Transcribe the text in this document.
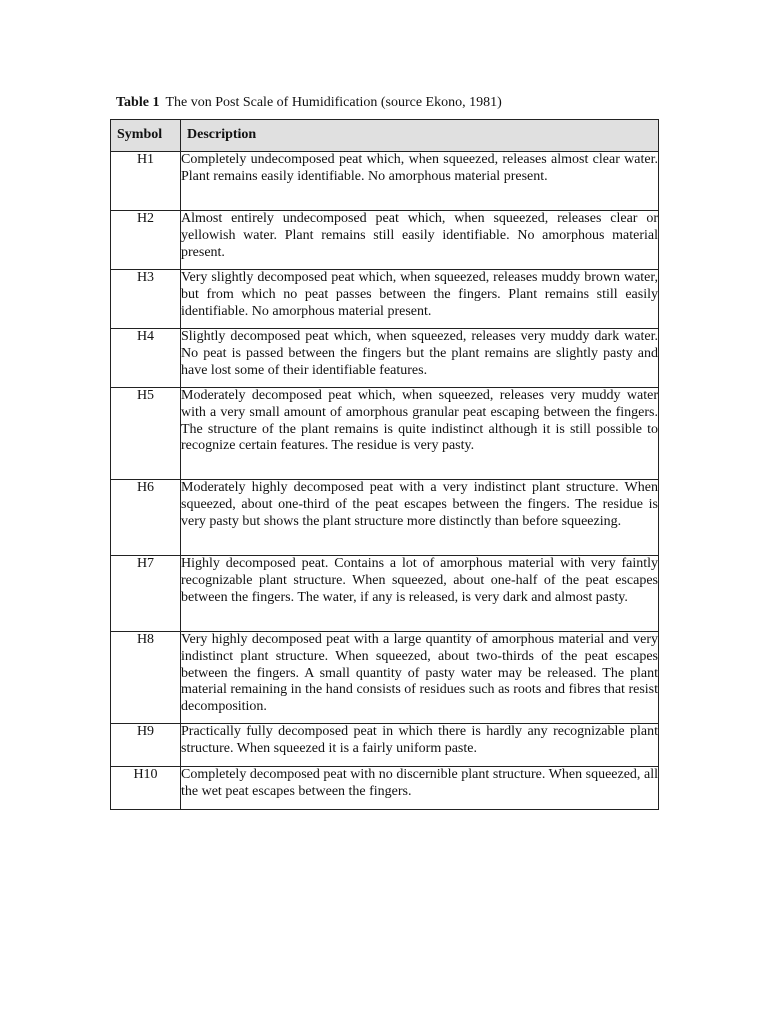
Table 1 The von Post Scale of Humidification (source Ekono, 1981)
Symbol	Description

H1	Completely undecomposed peat which, when squeezed, releases almost clear water. Plant remains easily identifiable. No amorphous material present.
H2	Almost entirely undecomposed peat which, when squeezed, releases clear or yellowish water. Plant remains still easily identifiable. No amorphous material present.
H3	Very slightly decomposed peat which, when squeezed, releases muddy brown water, but from which no peat passes between the fingers. Plant remains still easily identifiable. No amorphous material present.
H4	Slightly decomposed peat which, when squeezed, releases very muddy dark water. No peat is passed between the fingers but the plant remains are slightly pasty and have lost some of their identifiable features.
H5	Moderately decomposed peat which, when squeezed, releases very muddy water with a very small amount of amorphous granular peat escaping between the fingers. The structure of the plant remains is quite indistinct although it is still possible to recognize certain features. The residue is very pasty.
H6	Moderately highly decomposed peat with a very indistinct plant structure. When squeezed, about one-third of the peat escapes between the fingers. The residue is very pasty but shows the plant structure more distinctly than before squeezing.
H7	Highly decomposed peat. Contains a lot of amorphous material with very faintly recognizable plant structure. When squeezed, about one-half of the peat escapes between the fingers. The water, if any is released, is very dark and almost pasty.
H8	Very highly decomposed peat with a large quantity of amorphous material and very indistinct plant structure. When squeezed, about two-thirds of the peat escapes between the fingers. A small quantity of pasty water may be released. The plant material remaining in the hand consists of residues such as roots and fibres that resist decomposition.
H9	Practically fully decomposed peat in which there is hardly any recognizable plant structure. When squeezed it is a fairly uniform paste.
H10	Completely decomposed peat with no discernible plant structure. When squeezed, all the wet peat escapes between the fingers.
